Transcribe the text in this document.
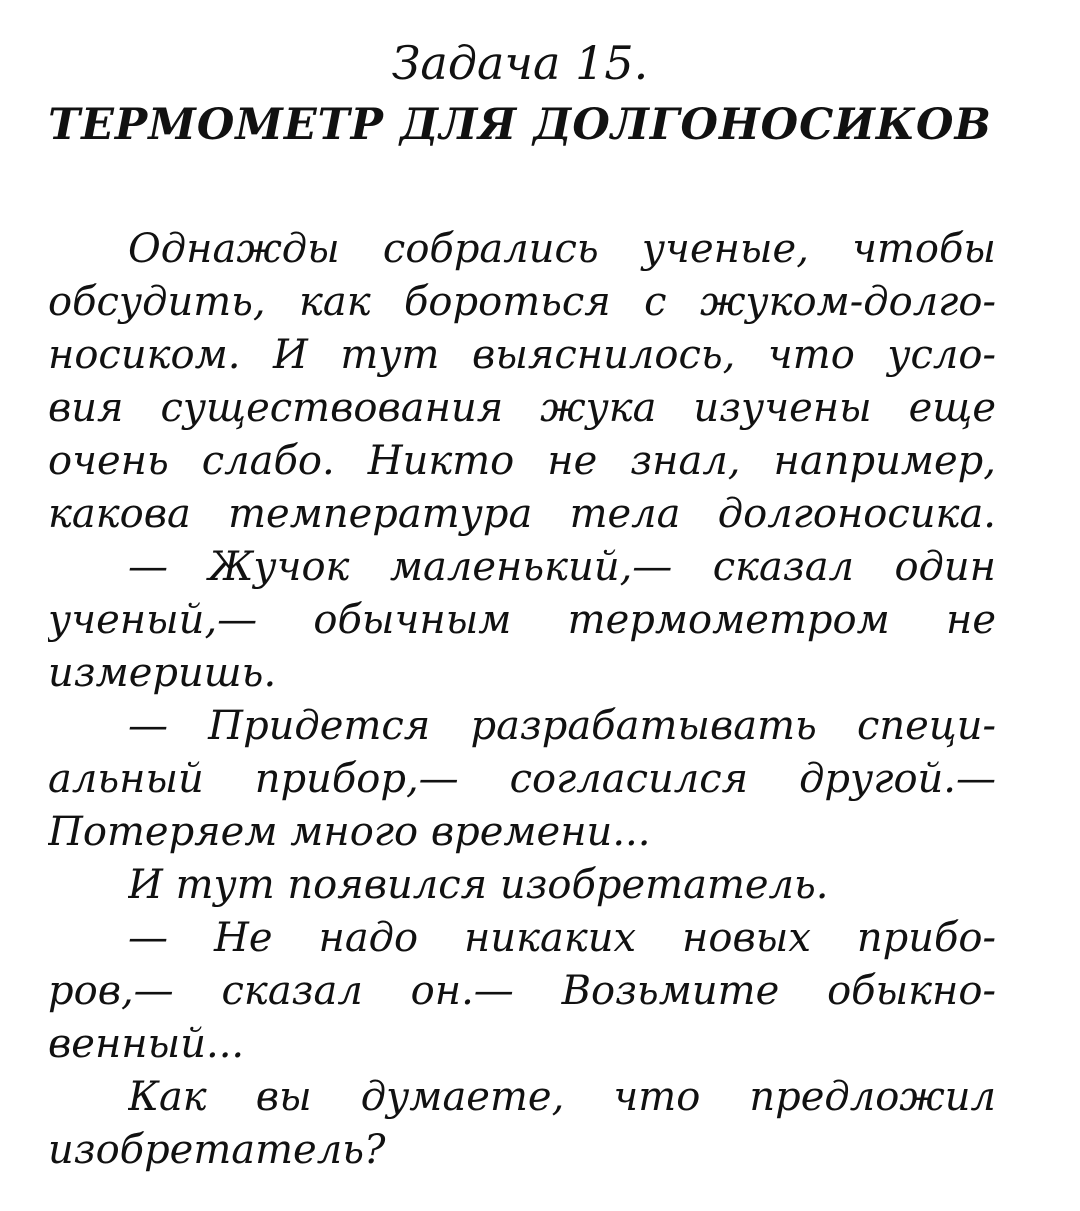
Задача 15.
ТЕРМОМЕТР ДЛЯ ДОЛГОНОСИКОВ
Однажды собрались ученые, чтобы
обсудить, как бороться с жуком-долго-
носиком. И тут выяснилось, что усло-
вия существования жука изучены еще
очень слабо. Никто не знал, например,
какова температура тела долгоносика.
— Жучок маленький,— сказал один
ученый,— обычным термометром не
измеришь.
— Придется разрабатывать специ-
альный прибор,— согласился другой.—
Потеряем много времени...
И тут появился изобретатель.
— Не надо никаких новых прибо-
ров,— сказал он.— Возьмите обыкно-
венный...
Как вы думаете, что предложил
изобретатель?
